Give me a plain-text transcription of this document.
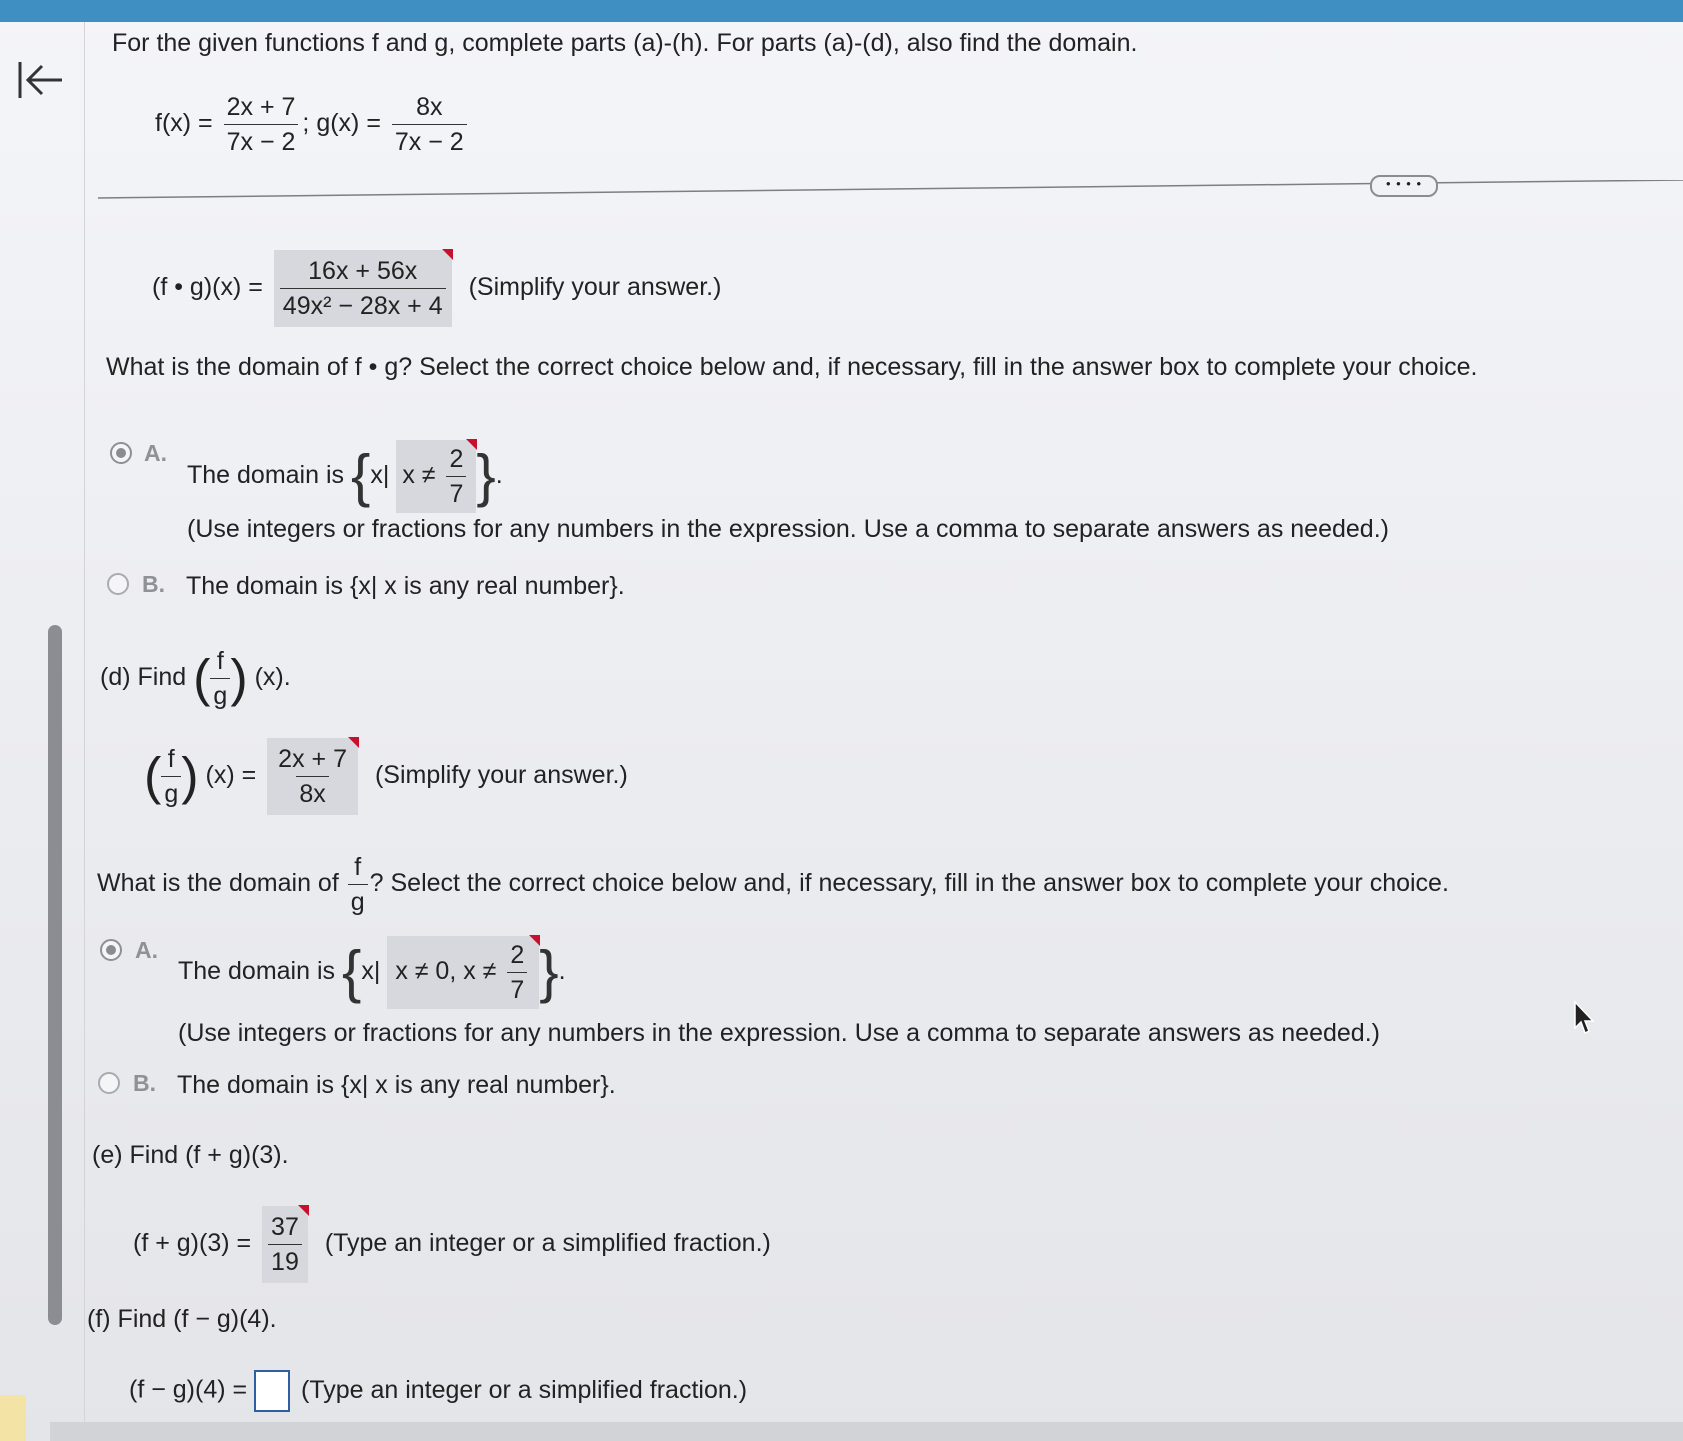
For the given functions f and g, complete parts (a)-(h). For parts (a)-(d), also find the domain.
$f(x) = \frac{2x + 7}{7x - 2}$ ; $g(x) = \frac{8x}{7x - 2}$
• • • •
(f • $g)(x) = \frac{16x + 56x}{\text{49x² − 28x + 4}}$ (Simplify your answer.)
What is the domain of f • g? Select the correct choice below and, if necessary, fill in the answer box to complete your choice.
A.
The domain is {x| $x \ne \frac{2}{7}$ }.
(Use integers or fractions for any numbers in the expression. Use a comma to separate answers as needed.)
B. The domain is {x| x is any real number}.
(d) Find ( $\frac{f}{g}$ ) (x).
( $\frac{f}{g}$ ) $(x) = \frac{2x + 7}{8x}$ (Simplify your answer.)
What is the domain of $\frac{f}{g}$ ? Select the correct choice below and, if necessary, fill in the answer box to complete your choice.
A.
The domain is {x| x ≠ 0, $x \ne \frac{2}{7}$ }.
(Use integers or fractions for any numbers in the expression. Use a comma to separate answers as needed.)
B. The domain is {x| x is any real number}.
(e) Find (f + g)(3).
$(f + g)(3) = \frac{37}{19}$ (Type an integer or a simplified fraction.)
(f) Find (f − g)(4).
(f − g)(4) = (Type an integer or a simplified fraction.)
